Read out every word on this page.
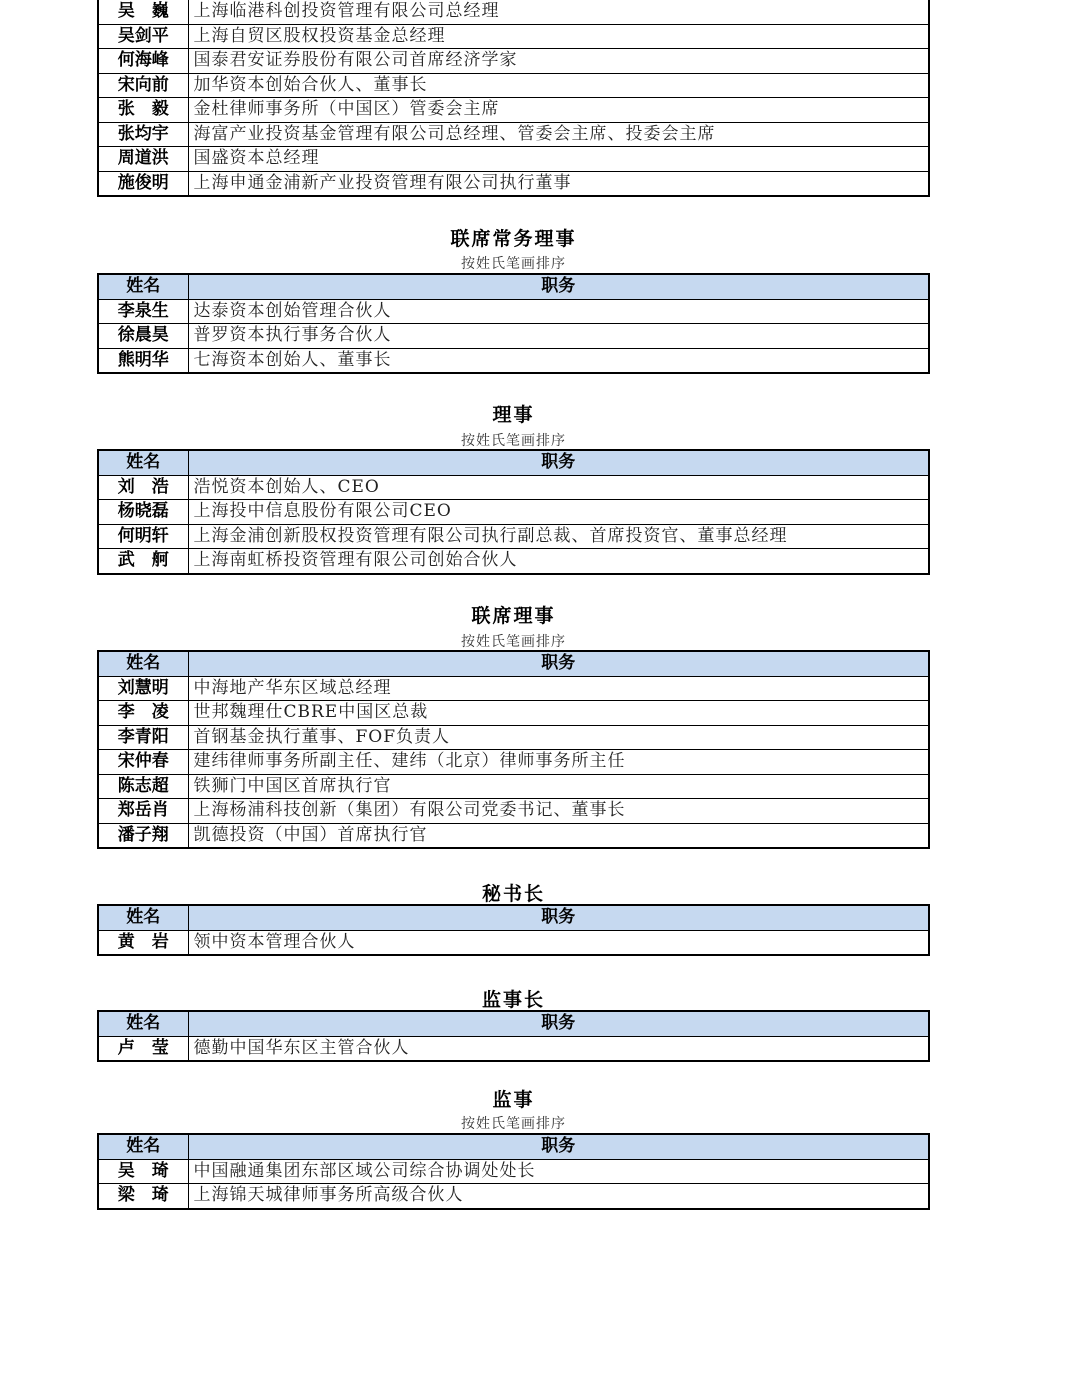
吴　巍	上海临港科创投资管理有限公司总经理
吴剑平	上海自贸区股权投资基金总经理
何海峰	国泰君安证券股份有限公司首席经济学家
宋向前	加华资本创始合伙人、董事长
张　毅	金杜律师事务所（中国区）管委会主席
张均宇	海富产业投资基金管理有限公司总经理、管委会主席、投委会主席
周道洪	国盛资本总经理
施俊明	上海申通金浦新产业投资管理有限公司执行董事
联席常务理事
按姓氏笔画排序
姓名	职务
李泉生	达泰资本创始管理合伙人
徐晨昊	普罗资本执行事务合伙人
熊明华	七海资本创始人、董事长
理事
按姓氏笔画排序
姓名	职务
刘　浩	浩悦资本创始人、CEO
杨晓磊	上海投中信息股份有限公司CEO
何明轩	上海金浦创新股权投资管理有限公司执行副总裁、首席投资官、董事总经理
武　舸	上海南虹桥投资管理有限公司创始合伙人
联席理事
按姓氏笔画排序
姓名	职务
刘慧明	中海地产华东区域总经理
李　凌	世邦魏理仕CBRE中国区总裁
李青阳	首钢基金执行董事、FOF负责人
宋仲春	建纬律师事务所副主任、建纬（北京）律师事务所主任
陈志超	铁狮门中国区首席执行官
郑岳肖	上海杨浦科技创新（集团）有限公司党委书记、董事长
潘子翔	凯德投资（中国）首席执行官
秘书长
姓名	职务
黄　岩	领中资本管理合伙人
监事长
姓名	职务
卢　莹	德勤中国华东区主管合伙人
监事
按姓氏笔画排序
姓名	职务
吴　琦	中国融通集团东部区域公司综合协调处处长
梁　琦	上海锦天城律师事务所高级合伙人
